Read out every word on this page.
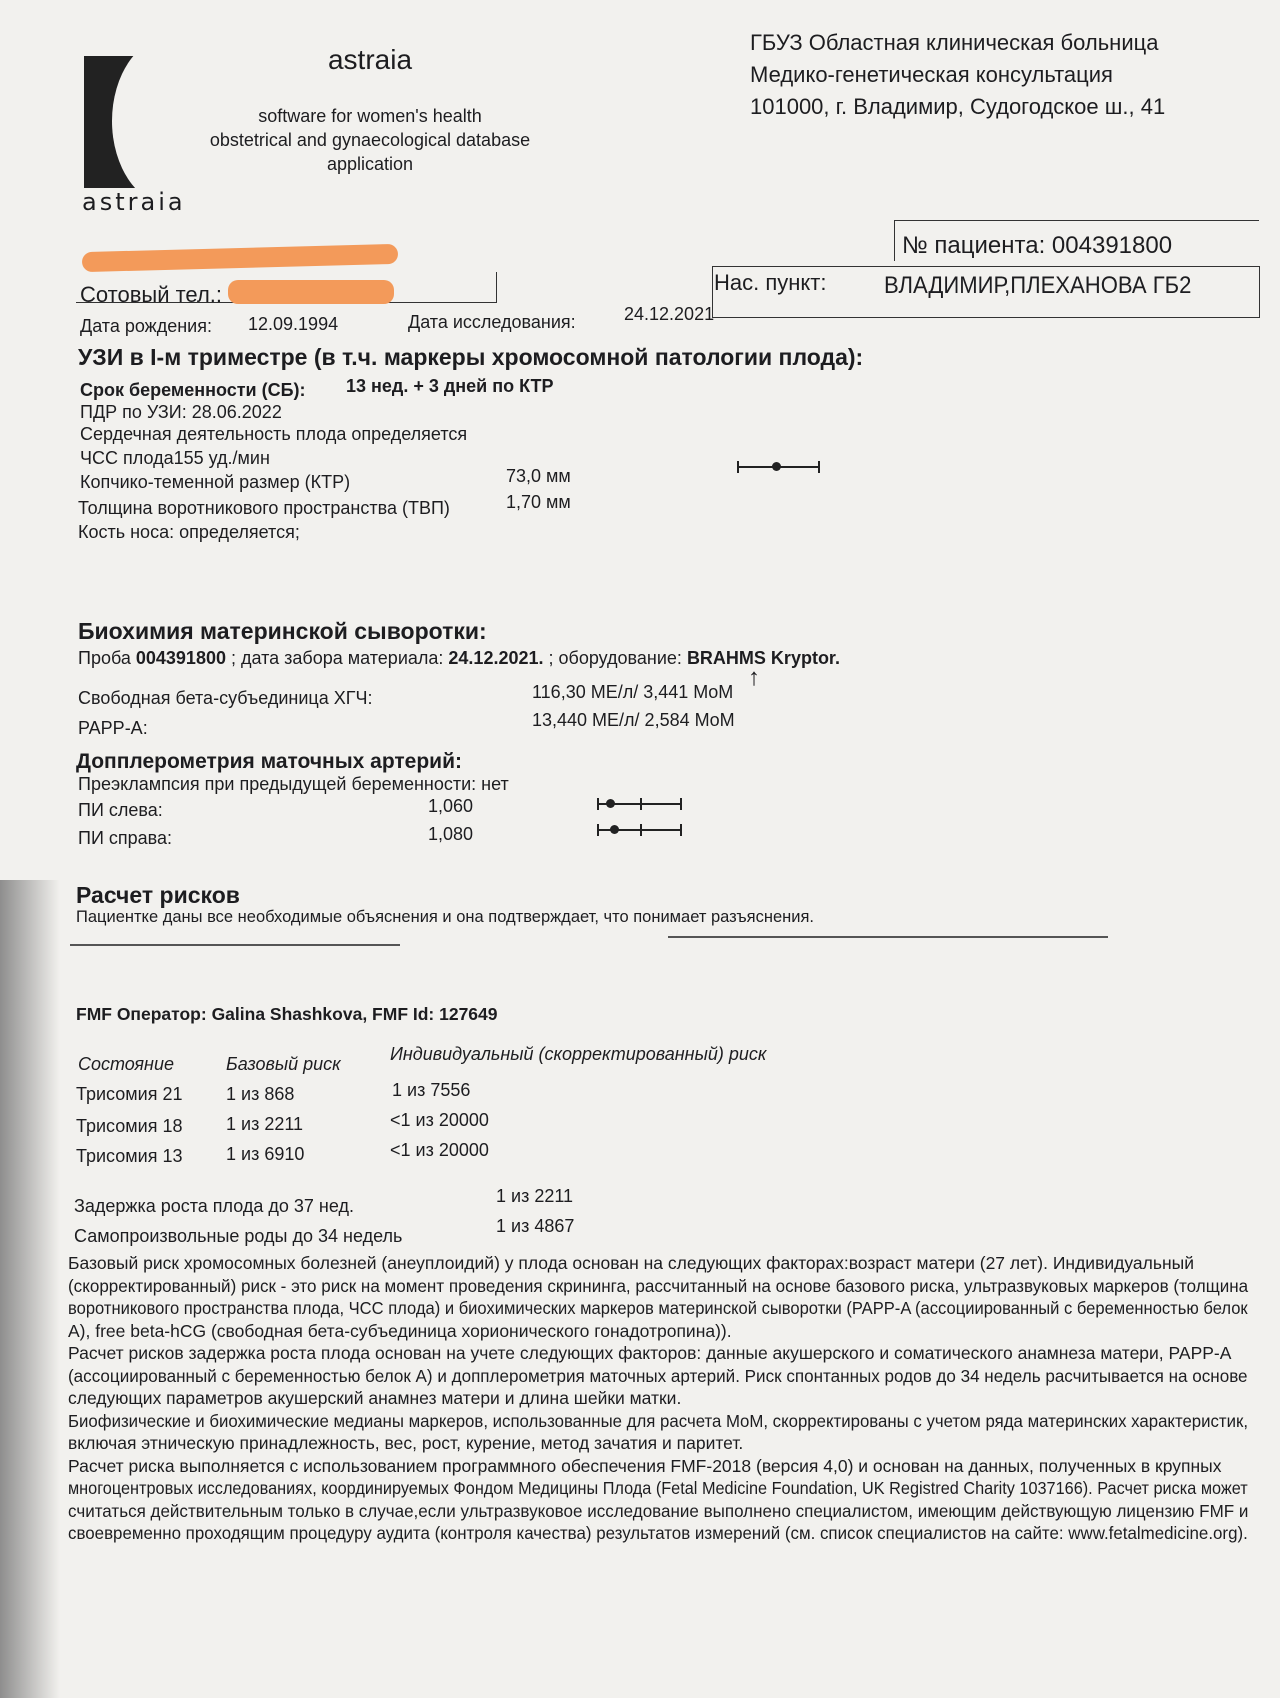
astraia
astraia
software for women's health
obstetrical and gynaecological database
application
ГБУЗ Областная клиническая больница
Медико-генетическая консультация
101000, г. Владимир, Судогодское ш., 41
№ пациента: 004391800
Сотовый тел.:	Нас. пункт: ВЛАДИМИР,ПЛЕХАНОВА ГБ2
Дата рождения: 12.09.1994	Дата исследования:	24.12.2021
УЗИ в I-м триместре (в т.ч. маркеры хромосомной патологии плода):
Срок беременности (СБ): 13 нед. + 3 дней по КТР
ПДР по УЗИ: 28.06.2022
Сердечная деятельность плода определяется
ЧСС плода155 уд./мин
Копчико-теменной размер (КТР)	73,0 мм
Толщина воротникового пространства (ТВП)	1,70 мм
Кость носа: определяется;
Биохимия материнской сыворотки:
Проба 004391800 ; дата забора материала: 24.12.2021. ; оборудование: BRAHMS Kryptor.
↑
Свободная бета-субъединица ХГЧ:	116,30 МЕ/л/ 3,441 MoM
PAPP-A:	13,440 МЕ/л/ 2,584 MoM
Допплерометрия маточных артерий:
Преэклампсия при предыдущей беременности: нет
ПИ слева:	1,060
ПИ справа:	1,080
Расчет рисков
Пациентке даны все необходимые объяснения и она подтверждает, что понимает разъяснения.
FMF Оператор: Galina Shashkova, FMF Id: 127649
Состояние	Базовый риск	Индивидуальный (скорректированный) риск
Трисомия 21 1 из 868	1 из 7556
Трисомия 18 1 из 2211	<1 из 20000
Трисомия 13 1 из 6910	<1 из 20000
Задержка роста плода до 37 нед.	1 из 2211
Самопроизвольные роды до 34 недель	1 из 4867

Базовый риск хромосомных болезней (анеуплоидий) у плода основан на следующих факторах:возраст матери (27 лет). Индивидуальный

(скорректированный) риск - это риск на момент проведения скрининга, рассчитанный на основе базового риска, ультразвуковых маркеров (толщина

воротникового пространства плода, ЧСС плода) и биохимических маркеров материнской сыворотки (PAPP-A (ассоциированный с беременностью белок

А), free beta-hCG (свободная бета-субъединица хорионического гонадотропина)).

Расчет рисков задержка роста плода основан на учете следующих факторов: данные акушерского и соматического анамнеза матери, PAPP-A

(ассоциированный с беременностью белок А) и допплерометрия маточных артерий. Риск спонтанных родов до 34 недель расчитывается на основе

следующих параметров акушерский анамнез матери и длина шейки матки.

Биофизические и биохимические медианы маркеров, использованные для расчета MoM, скорректированы с учетом ряда материнских характеристик,

включая этническую принадлежность, вес, рост, курение, метод зачатия и паритет.

Расчет риска выполняется с использованием программного обеспечения FMF-2018 (версия 4,0) и основан на данных, полученных в крупных

многоцентровых исследованиях, координируемых Фондом Медицины Плода (Fetal Medicine Foundation, UK Registred Charity 1037166). Расчет риска может

считаться действительным только в случае,если ультразвуковое исследование выполнено специалистом, имеющим действующую лицензию FMF и

своевременно проходящим процедуру аудита (контроля качества) результатов измерений (см. список специалистов на сайте: www.fetalmedicine.org).
